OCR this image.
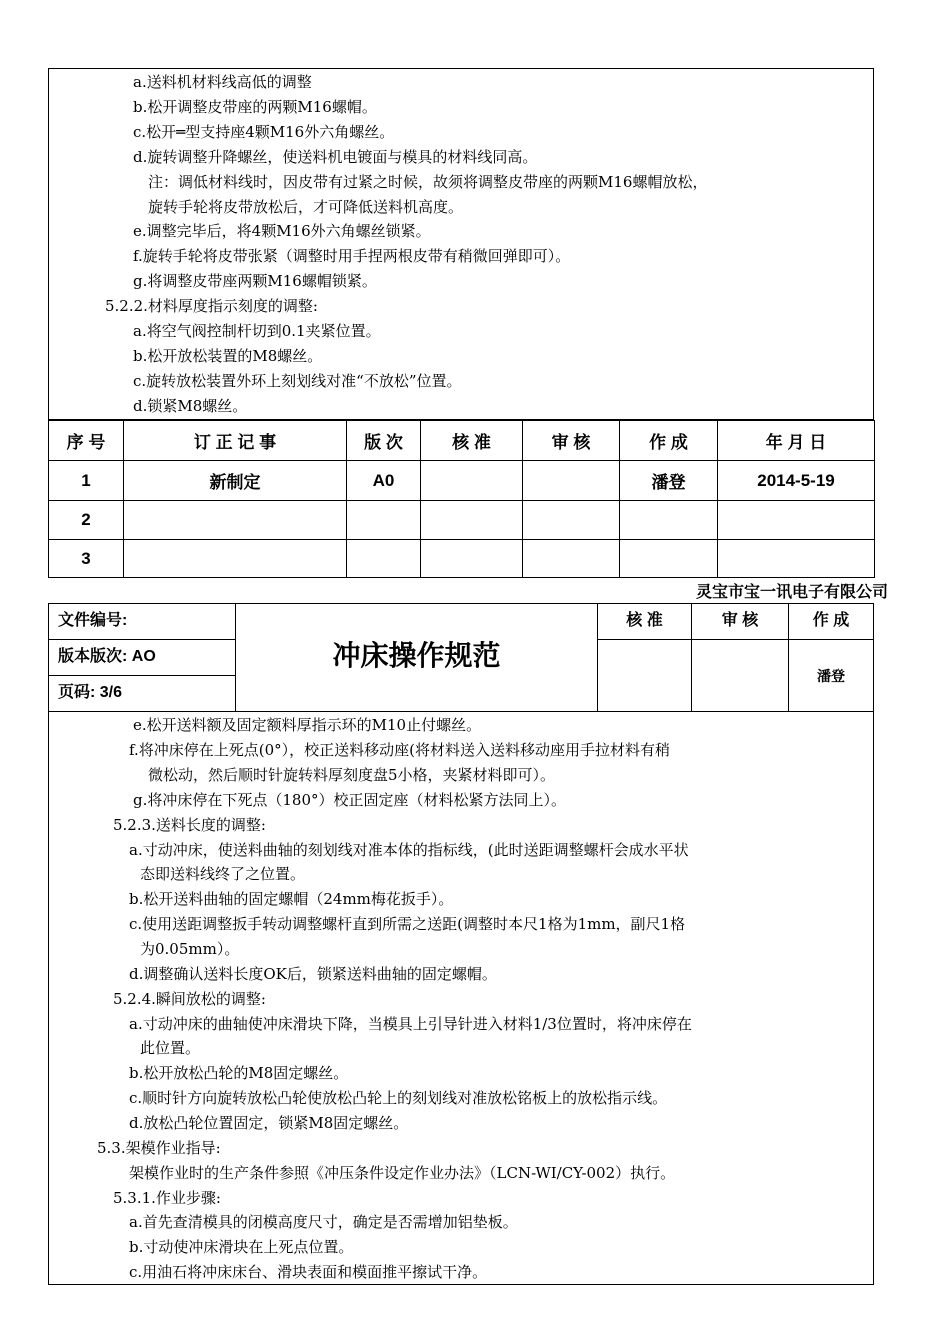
a.送料机材料线高低的调整
b.松开调整皮带座的两颗M16螺帽。
c.松开═型支持座4颗M16外六角螺丝。
d.旋转调整升降螺丝，使送料机电镀面与模具的材料线同高。
注：调低材料线时，因皮带有过紧之时候，故须将调整皮带座的两颗M16螺帽放松，
旋转手轮将皮带放松后，才可降低送料机高度。
e.调整完毕后，将4颗M16外六角螺丝锁紧。
f.旋转手轮将皮带张紧（调整时用手捏两根皮带有稍微回弹即可）。
g.将调整皮带座两颗M16螺帽锁紧。
5.2.2.材料厚度指示刻度的调整:
a.将空气阀控制杆切到0.1夹紧位置。
b.松开放松装置的M8螺丝。
c.旋转放松装置外环上刻划线对准“不放松”位置。
d.锁紧M8螺丝。
序 号	订 正 记 事	版 次	核 准	审 核	作 成	年 月 日
1	新制定	A0			潘登	2014-5-19
2						
3						
灵宝市宝一讯电子有限公司
文件编号:
版本版次: AO
页码: 3/6
冲床操作规范
核 准	审 核	作 成
潘登
e.松开送料额及固定额料厚指示环的M10止付螺丝。
f.将冲床停在上死点(0°），校正送料移动座(将材料送入送料移动座用手拉材料有稍
微松动，然后顺时针旋转料厚刻度盘5小格，夹紧材料即可）。
g.将冲床停在下死点（180°）校正固定座（材料松紧方法同上）。
5.2.3.送料长度的调整:
a.寸动冲床，使送料曲轴的刻划线对准本体的指标线，(此时送距调整螺杆会成水平状
态即送料线终了之位置。
b.松开送料曲轴的固定螺帽（24mm梅花扳手）。
c.使用送距调整扳手转动调整螺杆直到所需之送距(调整时本尺1格为1mm，副尺1格
为0.05mm）。
d.调整确认送料长度OK后，锁紧送料曲轴的固定螺帽。
5.2.4.瞬间放松的调整:
a.寸动冲床的曲轴使冲床滑块下降，当模具上引导针进入材料1/3位置时，将冲床停在
此位置。
b.松开放松凸轮的M8固定螺丝。
c.顺时针方向旋转放松凸轮使放松凸轮上的刻划线对准放松铭板上的放松指示线。
d.放松凸轮位置固定，锁紧M8固定螺丝。
5.3.架模作业指导:
架模作业时的生产条件参照《冲压条件设定作业办法》（LCN-WI/CY-002）执行。
5.3.1.作业步骤:
a.首先查清模具的闭模高度尺寸，确定是否需增加铝垫板。
b.寸动使冲床滑块在上死点位置。
c.用油石将冲床床台、滑块表面和模面推平擦试干净。
